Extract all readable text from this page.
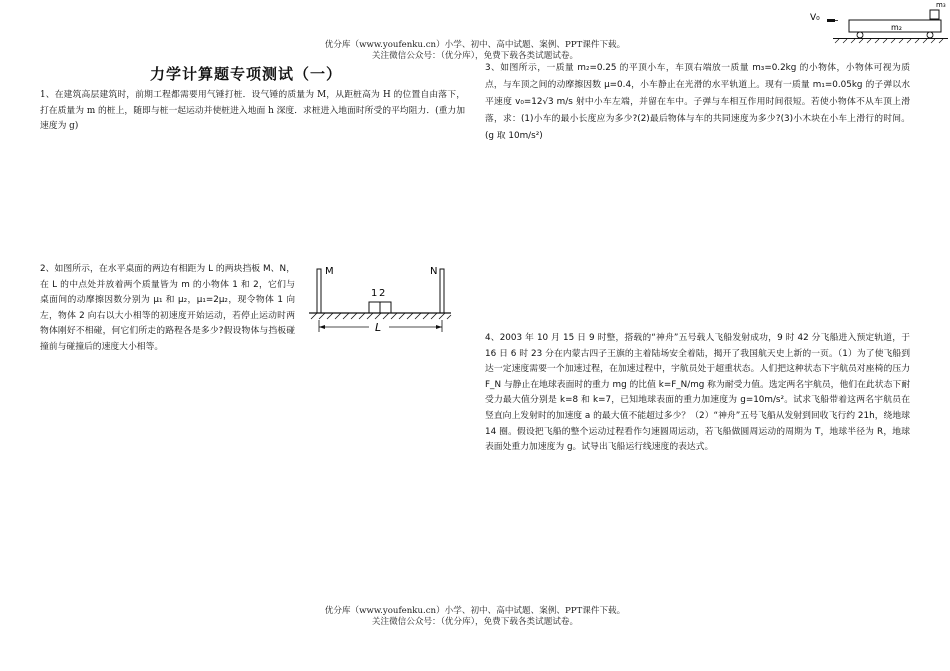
优分库（www.youfenku.cn）小学、初中、高中试题、案例、PPT课件下载。
关注微信公众号：（优分库），免费下载各类试题试卷。
力学计算题专项测试（一）
1、在建筑高层建筑时，前期工程都需要用气锤打桩．设气锤的质量为 M，从距桩高为 H 的位置自由落下，打在质量为 m 的桩上，随即与桩一起运动并使桩进入地面 h 深度．求桩进入地面时所受的平均阻力．(重力加速度为 g)
2、如图所示，在水平桌面的两边有相距为 L 的两块挡板 M、N，在 L 的中点处并放着两个质量皆为 m 的小物体 1 和 2，它们与桌面间的动摩擦因数分别为 μ₁ 和 μ₂，μ₁=2μ₂，现令物体 1 向左，物体 2 向右以大小相等的初速度开始运动，若停止运动时两物体刚好不相碰，何它们所走的路程各是多少?假设物体与挡板碰撞前与碰撞后的速度大小相等。
M	N
1 2
L
V₀
m₂
m₃
3、如图所示，一质量 m₂=0.25 的平顶小车，车顶右端放一质量 m₃=0.2kg 的小物体，小物体可视为质点，与车顶之间的动摩擦因数 μ=0.4，小车静止在光滑的水平轨道上。现有一质量 m₁=0.05kg 的子弹以水平速度 v₀=12√3 m/s 射中小车左端，并留在车中。子弹与车相互作用时间很短。若使小物体不从车顶上滑落，求：(1)小车的最小长度应为多少?(2)最后物体与车的共同速度为多少?(3)小木块在小车上滑行的时间。(g 取 10m/s²)
4、2003 年 10 月 15 日 9 时整，搭载的“神舟”五号载人飞船发射成功，9 时 42 分飞船进入预定轨道，于 16 日 6 时 23 分在内蒙古四子王旗的主着陆场安全着陆，揭开了我国航天史上新的一页。（1）为了使飞船到达一定速度需要一个加速过程，在加速过程中，宇航员处于超重状态。人们把这种状态下宇航员对座椅的压力 F_N 与静止在地球表面时的重力 mg 的比值 k=F_N/mg 称为耐受力值。选定两名宇航员，他们在此状态下耐受力最大值分别是 k=8 和 k=7，已知地球表面的重力加速度为 g=10m/s²。试求飞船带着这两名宇航员在竖直向上发射时的加速度 a 的最大值不能超过多少？（2）“神舟”五号飞船从发射到回收飞行约 21h，绕地球 14 圈。假设把飞船的整个运动过程看作匀速圆周运动，若飞船做圆周运动的周期为 T，地球半径为 R，地球表面处重力加速度为 g。试导出飞船运行线速度的表达式。
优分库（www.youfenku.cn）小学、初中、高中试题、案例、PPT课件下载。
关注微信公众号：（优分库），免费下载各类试题试卷。
